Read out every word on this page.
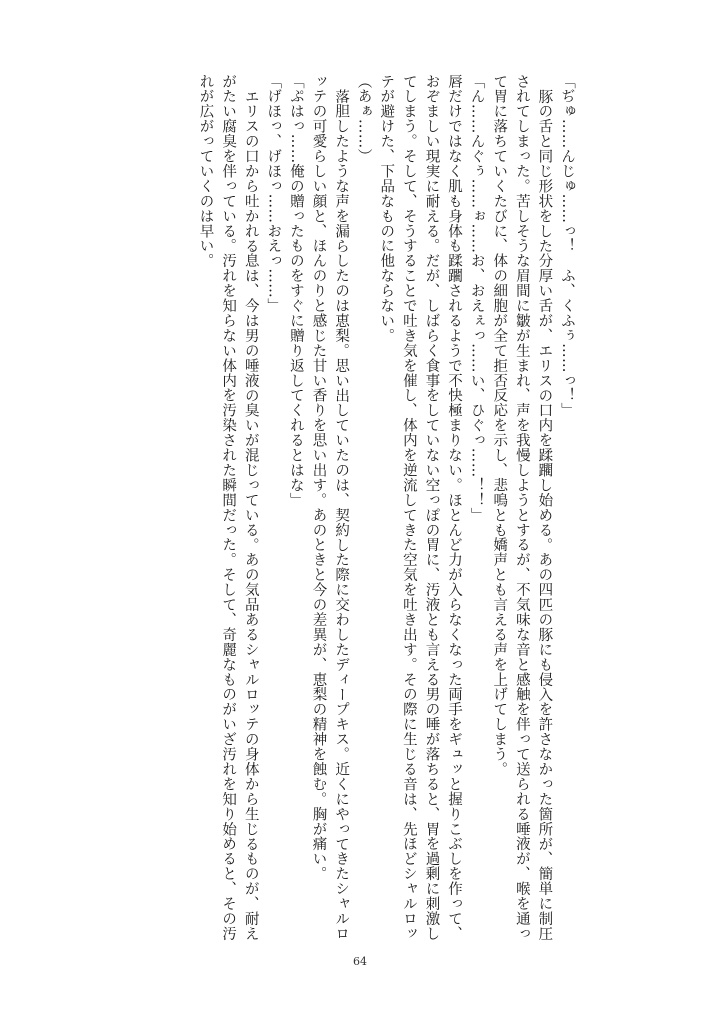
「ぢゅ……んじゅ……っ！　ふ、くふぅ……っ！」

豚の舌と同じ形状をした分厚い舌が、エリスの口内を蹂躙し始める。あの四匹の豚にも侵入を許さなかった箇所が、簡単に制圧されてしまった。苦しそうな眉間に皺が生まれ、声を我慢しようとするが、不気味な音と感触を伴って送られる唾液が、喉を通って胃に落ちていくたびに、体の細胞が全て拒否反応を示し、悲鳴とも嬌声とも言える声を上げてしまう。

「ん……んぐぅ……ぉ……お、おえぇっ……い、ひぐっ……！！」

唇だけではなく肌も身体も蹂躙されるようで不快極まりない。ほとんど力が入らなくなった両手をギュッと握りこぶしを作って、おぞましい現実に耐える。だが、しばらく食事をしていない空っぽの胃に、汚液とも言える男の唾が落ちると、胃を過剰に刺激してしまう。そして、そうすることで吐き気を催し、体内を逆流してきた空気を吐き出す。その際に生じる音は、先ほどシャルロッテが避けた、下品なものに他ならない。

（あぁ……）

落胆したような声を漏らしたのは恵梨。思い出していたのは、契約した際に交わしたディープキス。近くにやってきたシャルロッテの可愛らしい顔と、ほんのりと感じた甘い香りを思い出す。あのときと今の差異が、恵梨の精神を蝕む。胸が痛い。

「ぷはっ……俺の贈ったものをすぐに贈り返してくれるとはな」

「げほっ、げほっ……おえっ……」

エリスの口から吐かれる息は、今は男の唾液の臭いが混じっている。あの気品あるシャルロッテの身体から生じるものが、耐えがたい腐臭を伴っている。汚れを知らない体内を汚染された瞬間だった。そして、奇麗なものがいざ汚れを知り始めると、その汚れが広がっていくのは早い。

64
